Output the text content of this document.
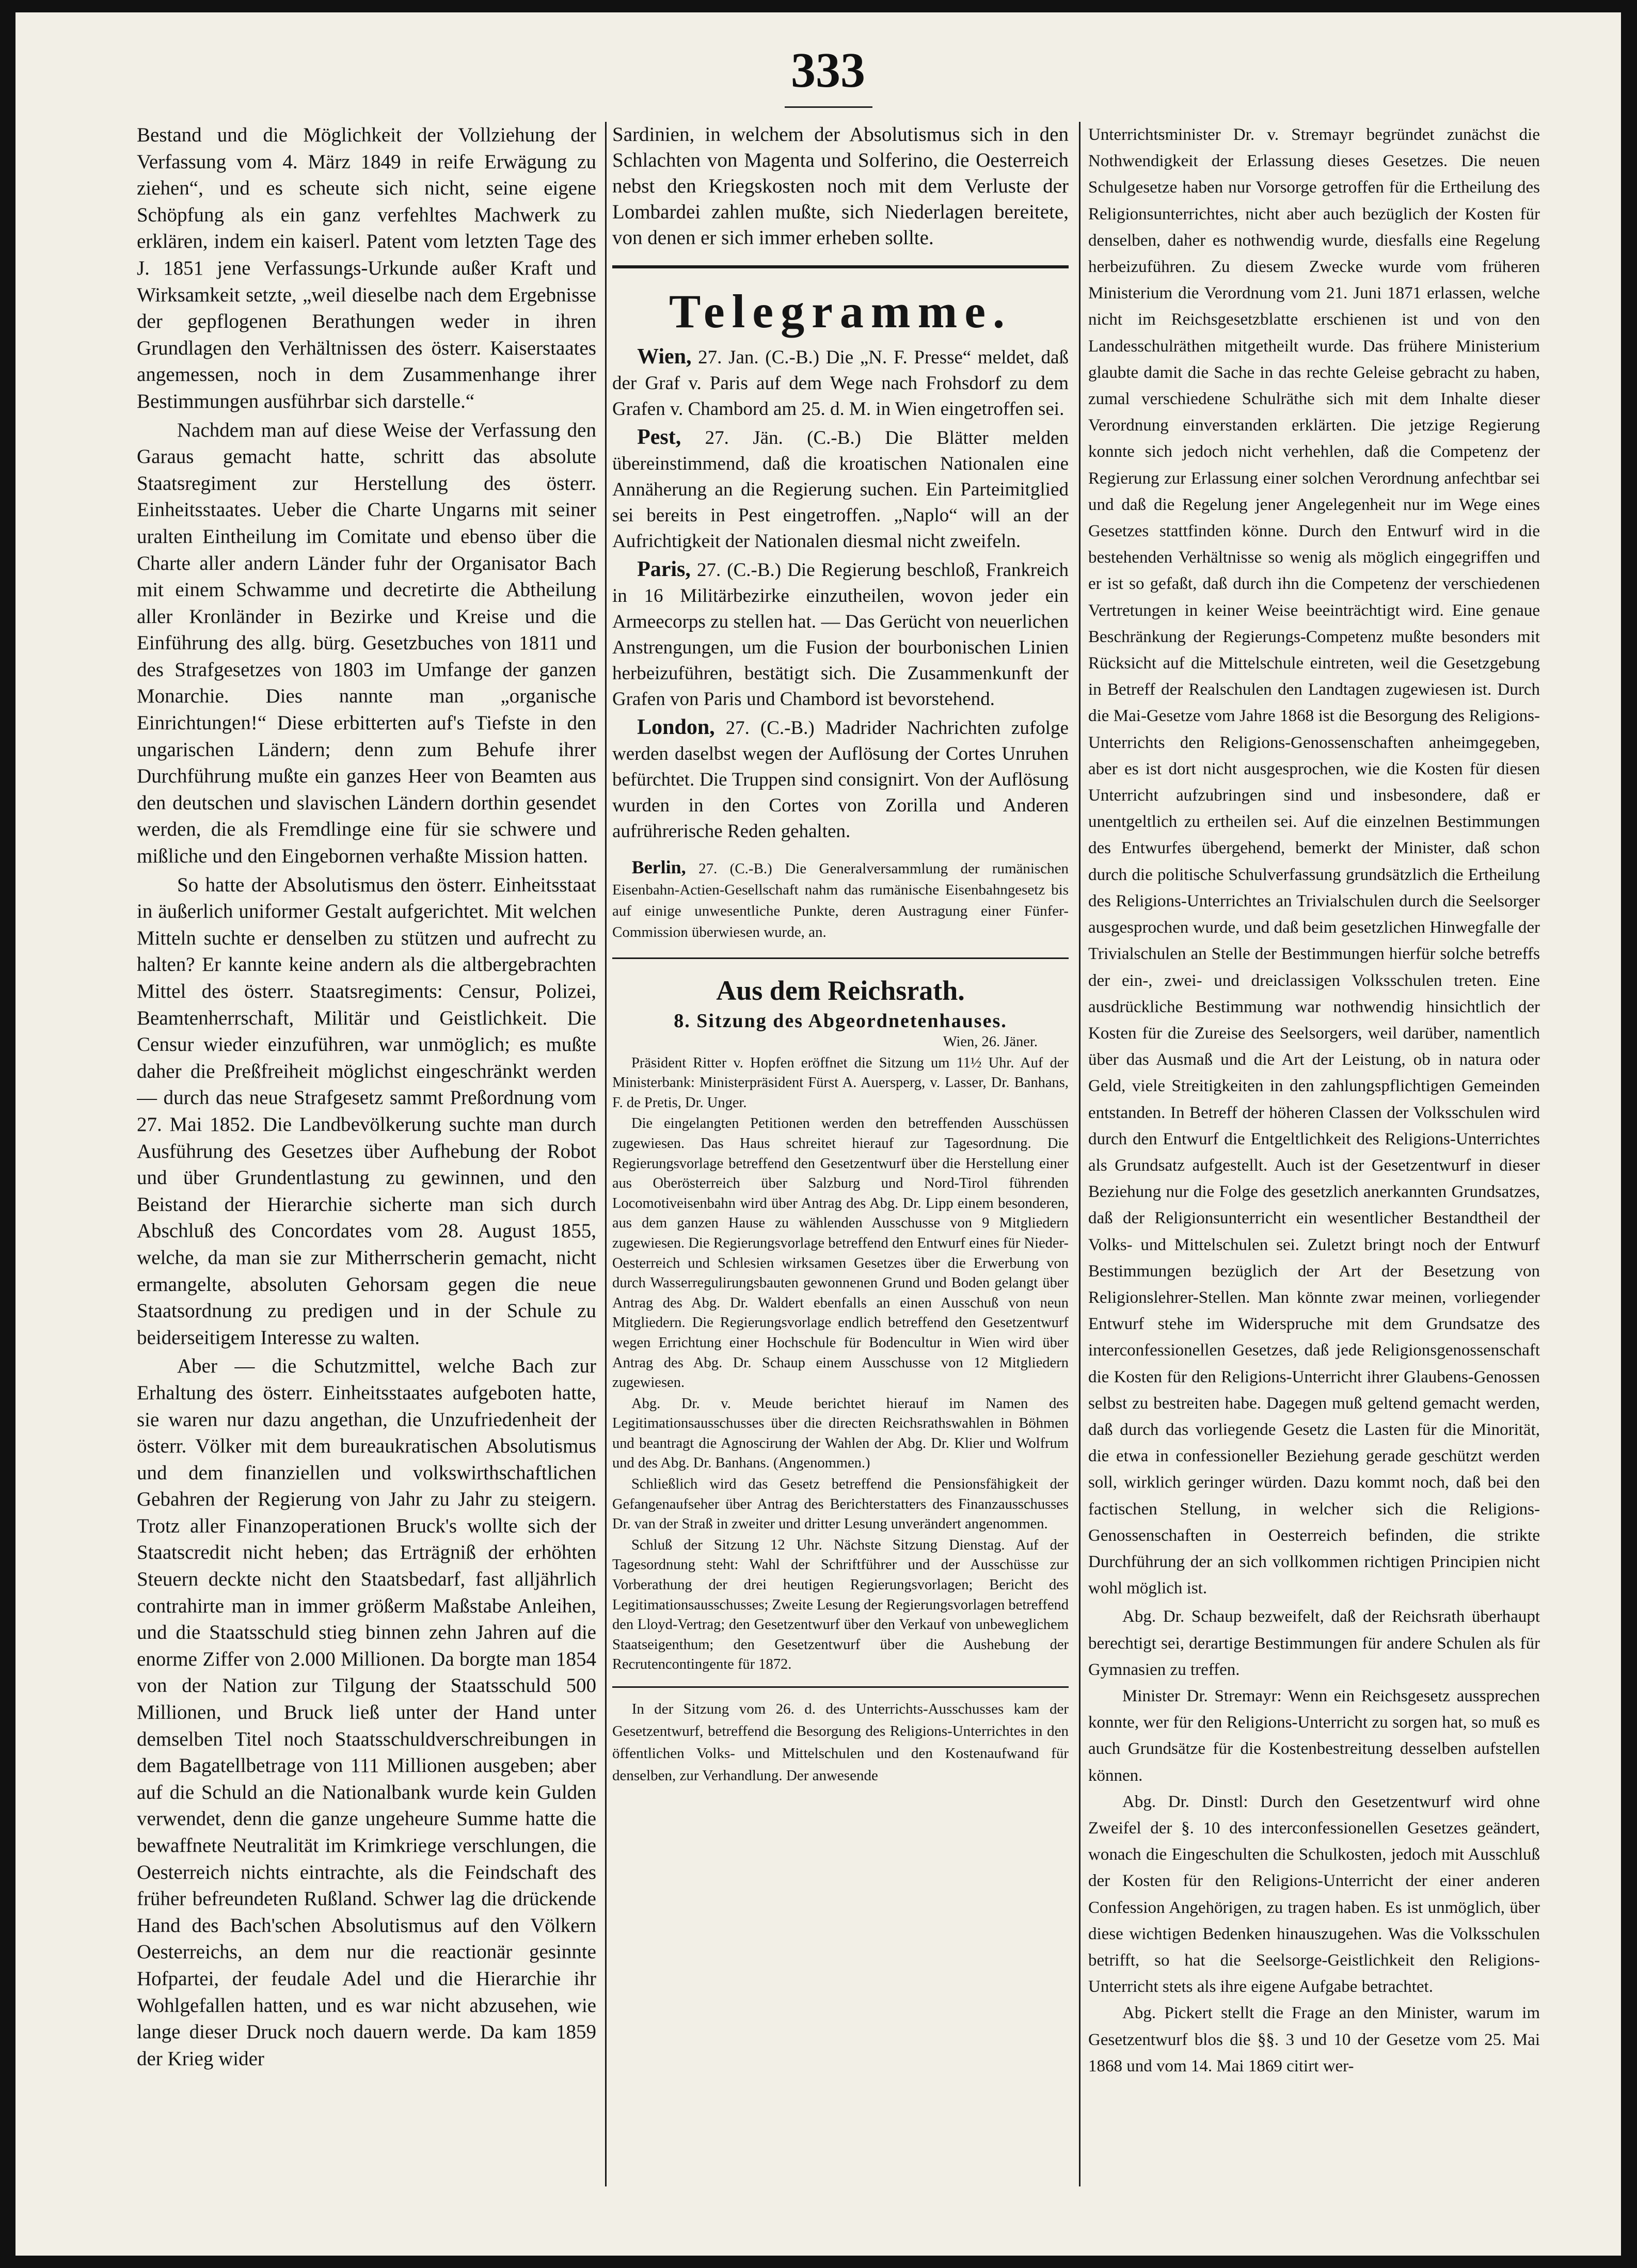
333

Bestand und die Möglichkeit der Vollziehung der Verfassung vom 4. März 1849 in reife Erwägung zu ziehen“, und es scheute sich nicht, seine eigene Schöpfung als ein ganz verfehltes Machwerk zu erklären, indem ein kaiserl. Patent vom letzten Tage des J. 1851 jene Verfassungs-Urkunde außer Kraft und Wirksamkeit setzte, „weil dieselbe nach dem Ergebnisse der gepflogenen Berathungen weder in ihren Grundlagen den Verhältnissen des österr. Kaiserstaates angemessen, noch in dem Zusammenhange ihrer Bestimmungen ausführbar sich darstelle.“

Nachdem man auf diese Weise der Verfassung den Garaus gemacht hatte, schritt das absolute Staatsregiment zur Herstellung des österr. Einheitsstaates. Ueber die Charte Ungarns mit seiner uralten Eintheilung im Comitate und ebenso über die Charte aller andern Länder fuhr der Organisator Bach mit einem Schwamme und decretirte die Abtheilung aller Kronländer in Bezirke und Kreise und die Einführung des allg. bürg. Gesetzbuches von 1811 und des Strafgesetzes von 1803 im Umfange der ganzen Monarchie. Dies nannte man „organische Einrichtungen!“ Diese erbitterten auf's Tiefste in den ungarischen Ländern; denn zum Behufe ihrer Durchführung mußte ein ganzes Heer von Beamten aus den deutschen und slavischen Ländern dorthin gesendet werden, die als Fremdlinge eine für sie schwere und mißliche und den Eingebornen verhaßte Mission hatten.

So hatte der Absolutismus den österr. Einheitsstaat in äußerlich uniformer Gestalt aufgerichtet. Mit welchen Mitteln suchte er denselben zu stützen und aufrecht zu halten? Er kannte keine andern als die altbergebrachten Mittel des österr. Staatsregiments: Censur, Polizei, Beamtenherrschaft, Militär und Geistlichkeit. Die Censur wieder einzuführen, war unmöglich; es mußte daher die Preßfreiheit möglichst eingeschränkt werden — durch das neue Strafgesetz sammt Preßordnung vom 27. Mai 1852. Die Landbevölkerung suchte man durch Ausführung des Gesetzes über Aufhebung der Robot und über Grundentlastung zu gewinnen, und den Beistand der Hierarchie sicherte man sich durch Abschluß des Concordates vom 28. August 1855, welche, da man sie zur Mitherrscherin gemacht, nicht ermangelte, absoluten Gehorsam gegen die neue Staatsordnung zu predigen und in der Schule zu beiderseitigem Interesse zu walten.

Aber — die Schutzmittel, welche Bach zur Erhaltung des österr. Einheitsstaates aufgeboten hatte, sie waren nur dazu angethan, die Unzufriedenheit der österr. Völker mit dem bureaukratischen Absolutismus und dem finanziellen und volkswirthschaftlichen Gebahren der Regierung von Jahr zu Jahr zu steigern. Trotz aller Finanzoperationen Bruck's wollte sich der Staatscredit nicht heben; das Erträgniß der erhöhten Steuern deckte nicht den Staatsbedarf, fast alljährlich contrahirte man in immer größerm Maßstabe Anleihen, und die Staatsschuld stieg binnen zehn Jahren auf die enorme Ziffer von 2.000 Millionen. Da borgte man 1854 von der Nation zur Tilgung der Staatsschuld 500 Millionen, und Bruck ließ unter der Hand unter demselben Titel noch Staatsschuldverschreibungen in dem Bagatellbetrage von 111 Millionen ausgeben; aber auf die Schuld an die Nationalbank wurde kein Gulden verwendet, denn die ganze ungeheure Summe hatte die bewaffnete Neutralität im Krimkriege verschlungen, die Oesterreich nichts eintrachte, als die Feindschaft des früher befreundeten Rußland. Schwer lag die drückende Hand des Bach'schen Absolutismus auf den Völkern Oesterreichs, an dem nur die reactionär gesinnte Hofpartei, der feudale Adel und die Hierarchie ihr Wohlgefallen hatten, und es war nicht abzusehen, wie lange dieser Druck noch dauern werde. Da kam 1859 der Krieg wider

Sardinien, in welchem der Absolutismus sich in den Schlachten von Magenta und Solferino, die Oesterreich nebst den Kriegskosten noch mit dem Verluste der Lombardei zahlen mußte, sich Niederlagen bereitete, von denen er sich immer erheben sollte.

Telegramme.

Wien, 27. Jan. (C.-B.) Die „N. F. Presse“ meldet, daß der Graf v. Paris auf dem Wege nach Frohsdorf zu dem Grafen v. Chambord am 25. d. M. in Wien eingetroffen sei.

Pest, 27. Jän. (C.-B.) Die Blätter melden übereinstimmend, daß die kroatischen Nationalen eine Annäherung an die Regierung suchen. Ein Parteimitglied sei bereits in Pest eingetroffen. „Naplo“ will an der Aufrichtigkeit der Nationalen diesmal nicht zweifeln.

Paris, 27. (C.-B.) Die Regierung beschloß, Frankreich in 16 Militärbezirke einzutheilen, wovon jeder ein Armeecorps zu stellen hat. — Das Gerücht von neuerlichen Anstrengungen, um die Fusion der bourbonischen Linien herbeizuführen, bestätigt sich. Die Zusammenkunft der Grafen von Paris und Chambord ist bevorstehend.

London, 27. (C.-B.) Madrider Nachrichten zufolge werden daselbst wegen der Auflösung der Cortes Unruhen befürchtet. Die Truppen sind consignirt. Von der Auflösung wurden in den Cortes von Zorilla und Anderen aufrührerische Reden gehalten.

Berlin, 27. (C.-B.) Die Generalversammlung der rumänischen Eisenbahn-Actien-Gesellschaft nahm das rumänische Eisenbahngesetz bis auf einige unwesentliche Punkte, deren Austragung einer Fünfer-Commission überwiesen wurde, an.

Aus dem Reichsrath.
8. Sitzung des Abgeordnetenhauses.

Wien, 26. Jäner.

Präsident Ritter v. Hopfen eröffnet die Sitzung um 11½ Uhr. Auf der Ministerbank: Ministerpräsident Fürst A. Auersperg, v. Lasser, Dr. Banhans, F. de Pretis, Dr. Unger.

Die eingelangten Petitionen werden den betreffenden Ausschüssen zugewiesen. Das Haus schreitet hierauf zur Tagesordnung. Die Regierungsvorlage betreffend den Gesetzentwurf über die Herstellung einer aus Oberösterreich über Salzburg und Nord-Tirol führenden Locomotiveisenbahn wird über Antrag des Abg. Dr. Lipp einem besonderen, aus dem ganzen Hause zu wählenden Ausschusse von 9 Mitgliedern zugewiesen. Die Regierungsvorlage betreffend den Entwurf eines für Nieder-Oesterreich und Schlesien wirksamen Gesetzes über die Erwerbung von durch Wasserregulirungsbauten gewonnenen Grund und Boden gelangt über Antrag des Abg. Dr. Waldert ebenfalls an einen Ausschuß von neun Mitgliedern. Die Regierungsvorlage endlich betreffend den Gesetzentwurf wegen Errichtung einer Hochschule für Bodencultur in Wien wird über Antrag des Abg. Dr. Schaup einem Ausschusse von 12 Mitgliedern zugewiesen.

Abg. Dr. v. Meude berichtet hierauf im Namen des Legitimationsausschusses über die directen Reichsrathswahlen in Böhmen und beantragt die Agnoscirung der Wahlen der Abg. Dr. Klier und Wolfrum und des Abg. Dr. Banhans. (Angenommen.)

Schließlich wird das Gesetz betreffend die Pensionsfähigkeit der Gefangenaufseher über Antrag des Berichterstatters des Finanzausschusses Dr. van der Straß in zweiter und dritter Lesung unverändert angenommen.

Schluß der Sitzung 12 Uhr. Nächste Sitzung Dienstag. Auf der Tagesordnung steht: Wahl der Schriftführer und der Ausschüsse zur Vorberathung der drei heutigen Regierungsvorlagen; Bericht des Legitimationsausschusses; Zweite Lesung der Regierungsvorlagen betreffend den Lloyd-Vertrag; den Gesetzentwurf über den Verkauf von unbeweglichem Staatseigenthum; den Gesetzentwurf über die Aushebung der Recrutencontingente für 1872.

In der Sitzung vom 26. d. des Unterrichts-Ausschusses kam der Gesetzentwurf, betreffend die Besorgung des Religions-Unterrichtes in den öffentlichen Volks- und Mittelschulen und den Kostenaufwand für denselben, zur Verhandlung. Der anwesende

Unterrichtsminister Dr. v. Stremayr begründet zunächst die Nothwendigkeit der Erlassung dieses Gesetzes. Die neuen Schulgesetze haben nur Vorsorge getroffen für die Ertheilung des Religionsunterrichtes, nicht aber auch bezüglich der Kosten für denselben, daher es nothwendig wurde, diesfalls eine Regelung herbeizuführen. Zu diesem Zwecke wurde vom früheren Ministerium die Verordnung vom 21. Juni 1871 erlassen, welche nicht im Reichsgesetzblatte erschienen ist und von den Landesschulräthen mitgetheilt wurde. Das frühere Ministerium glaubte damit die Sache in das rechte Geleise gebracht zu haben, zumal verschiedene Schulräthe sich mit dem Inhalte dieser Verordnung einverstanden erklärten. Die jetzige Regierung konnte sich jedoch nicht verhehlen, daß die Competenz der Regierung zur Erlassung einer solchen Verordnung anfechtbar sei und daß die Regelung jener Angelegenheit nur im Wege eines Gesetzes stattfinden könne. Durch den Entwurf wird in die bestehenden Verhältnisse so wenig als möglich eingegriffen und er ist so gefaßt, daß durch ihn die Competenz der verschiedenen Vertretungen in keiner Weise beeinträchtigt wird. Eine genaue Beschränkung der Regierungs-Competenz mußte besonders mit Rücksicht auf die Mittelschule eintreten, weil die Gesetzgebung in Betreff der Realschulen den Landtagen zugewiesen ist. Durch die Mai-Gesetze vom Jahre 1868 ist die Besorgung des Religions-Unterrichts den Religions-Genossenschaften anheimgegeben, aber es ist dort nicht ausgesprochen, wie die Kosten für diesen Unterricht aufzubringen sind und insbesondere, daß er unentgeltlich zu ertheilen sei. Auf die einzelnen Bestimmungen des Entwurfes übergehend, bemerkt der Minister, daß schon durch die politische Schulverfassung grundsätzlich die Ertheilung des Religions-Unterrichtes an Trivialschulen durch die Seelsorger ausgesprochen wurde, und daß beim gesetzlichen Hinwegfalle der Trivialschulen an Stelle der Bestimmungen hierfür solche betreffs der ein-, zwei- und dreiclassigen Volksschulen treten. Eine ausdrückliche Bestimmung war nothwendig hinsichtlich der Kosten für die Zureise des Seelsorgers, weil darüber, namentlich über das Ausmaß und die Art der Leistung, ob in natura oder Geld, viele Streitigkeiten in den zahlungspflichtigen Gemeinden entstanden. In Betreff der höheren Classen der Volksschulen wird durch den Entwurf die Entgeltlichkeit des Religions-Unterrichtes als Grundsatz aufgestellt. Auch ist der Gesetzentwurf in dieser Beziehung nur die Folge des gesetzlich anerkannten Grundsatzes, daß der Religionsunterricht ein wesentlicher Bestandtheil der Volks- und Mittelschulen sei. Zuletzt bringt noch der Entwurf Bestimmungen bezüglich der Art der Besetzung von Religionslehrer-Stellen. Man könnte zwar meinen, vorliegender Entwurf stehe im Widerspruche mit dem Grundsatze des interconfessionellen Gesetzes, daß jede Religionsgenossenschaft die Kosten für den Religions-Unterricht ihrer Glaubens-Genossen selbst zu bestreiten habe. Dagegen muß geltend gemacht werden, daß durch das vorliegende Gesetz die Lasten für die Minorität, die etwa in confessioneller Beziehung gerade geschützt werden soll, wirklich geringer würden. Dazu kommt noch, daß bei den factischen Stellung, in welcher sich die Religions-Genossenschaften in Oesterreich befinden, die strikte Durchführung der an sich vollkommen richtigen Principien nicht wohl möglich ist.

Abg. Dr. Schaup bezweifelt, daß der Reichsrath überhaupt berechtigt sei, derartige Bestimmungen für andere Schulen als für Gymnasien zu treffen.

Minister Dr. Stremayr: Wenn ein Reichsgesetz aussprechen konnte, wer für den Religions-Unterricht zu sorgen hat, so muß es auch Grundsätze für die Kostenbestreitung desselben aufstellen können.

Abg. Dr. Dinstl: Durch den Gesetzentwurf wird ohne Zweifel der §. 10 des interconfessionellen Gesetzes geändert, wonach die Eingeschulten die Schulkosten, jedoch mit Ausschluß der Kosten für den Religions-Unterricht der einer anderen Confession Angehörigen, zu tragen haben. Es ist unmöglich, über diese wichtigen Bedenken hinauszugehen. Was die Volksschulen betrifft, so hat die Seelsorge-Geistlichkeit den Religions-Unterricht stets als ihre eigene Aufgabe betrachtet.

Abg. Pickert stellt die Frage an den Minister, warum im Gesetzentwurf blos die §§. 3 und 10 der Gesetze vom 25. Mai 1868 und vom 14. Mai 1869 citirt wer-
